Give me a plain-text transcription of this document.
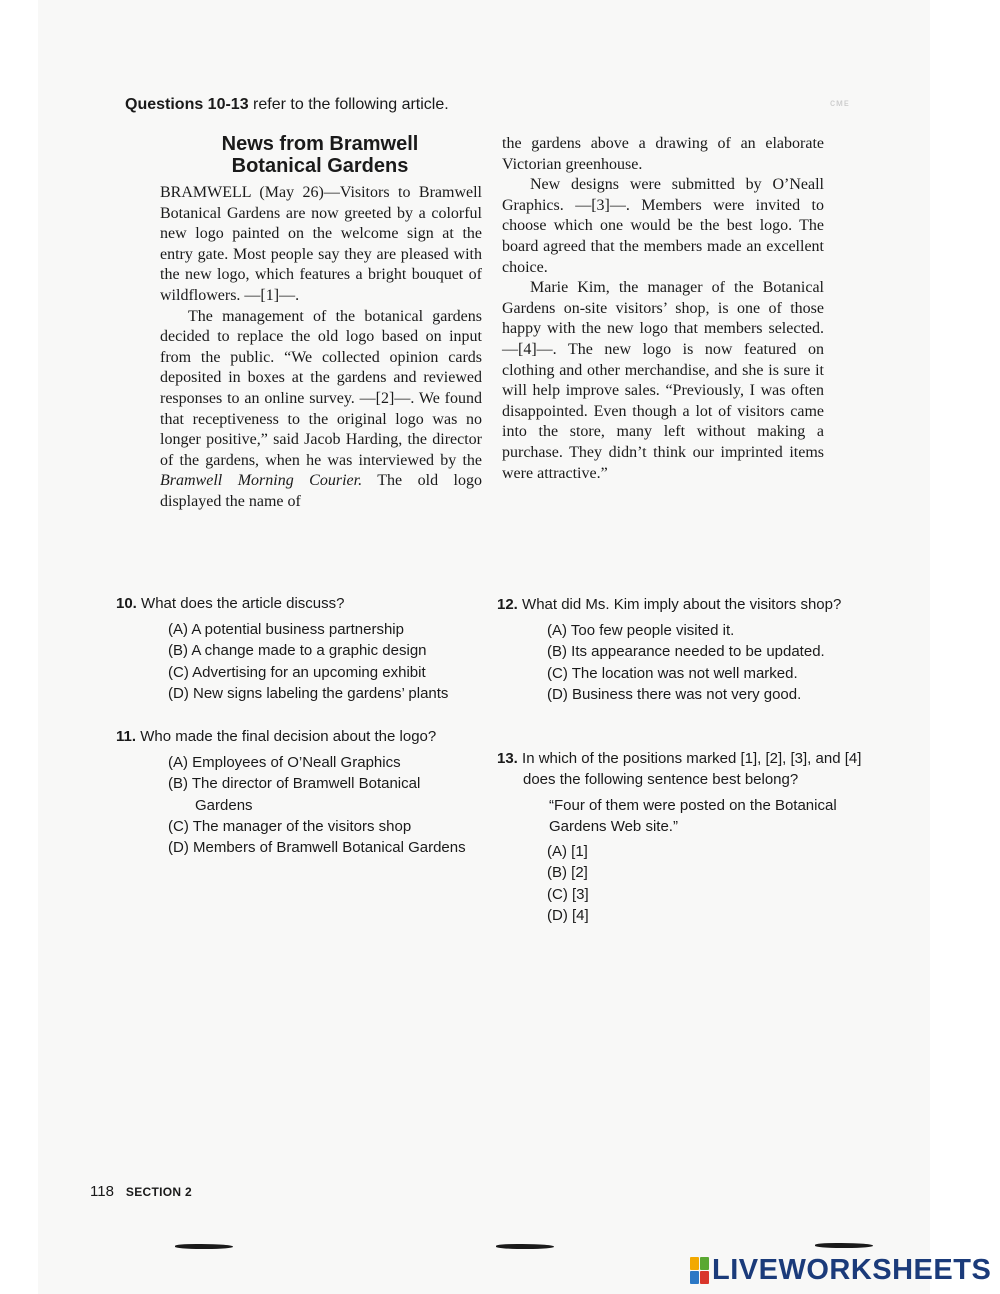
Questions 10-13 refer to the following article.	ᴄᴍᴇ
News from Bramwell
Botanical Gardens

BRAMWELL (May 26)—Visitors to Bramwell Botanical Gardens are now greeted by a colorful new logo painted on the welcome sign at the entry gate. Most people say they are pleased with the new logo, which features a bright bouquet of wildflowers. —[1]—.

The management of the botanical gardens decided to replace the old logo based on input from the public. “We collected opinion cards deposited in boxes at the gardens and reviewed responses to an online survey. —[2]—. We found that receptiveness to the original logo was no longer positive,” said Jacob Harding, the director of the gardens, when he was interviewed by the Bramwell Morning Courier. The old logo displayed the name of

the gardens above a drawing of an elaborate Victorian greenhouse.

New designs were submitted by O’Neall Graphics. —[3]—. Members were invited to choose which one would be the best logo. The board agreed that the members made an excellent choice.

Marie Kim, the manager of the Botanical Gardens on-site visitors’ shop, is one of those happy with the new logo that members selected. —[4]—. The new logo is now featured on clothing and other merchandise, and she is sure it will help improve sales. “Previously, I was often disappointed. Even though a lot of visitors came into the store, many left without making a purchase. They didn’t think our imprinted items were attractive.”

10. What does the article discuss?
(A) A potential business partnership
(B) A change made to a graphic design
(C) Advertising for an upcoming exhibit
(D) New signs labeling the gardens’ plants
11. Who made the final decision about the logo?
(A) Employees of O’Neall Graphics
(B) The director of Bramwell Botanical Gardens
(C) The manager of the visitors shop
(D) Members of Bramwell Botanical Gardens
12. What did Ms. Kim imply about the visitors shop?
(A) Too few people visited it.
(B) Its appearance needed to be updated.
(C) The location was not well marked.
(D) Business there was not very good.
13. In which of the positions marked [1], [2], [3], and [4] does the following sentence best belong?
“Four of them were posted on the Botanical Gardens Web site.”
(A) [1]
(B) [2]
(C) [3]
(D) [4]
118 SECTION 2
LIVEWORKSHEETS
